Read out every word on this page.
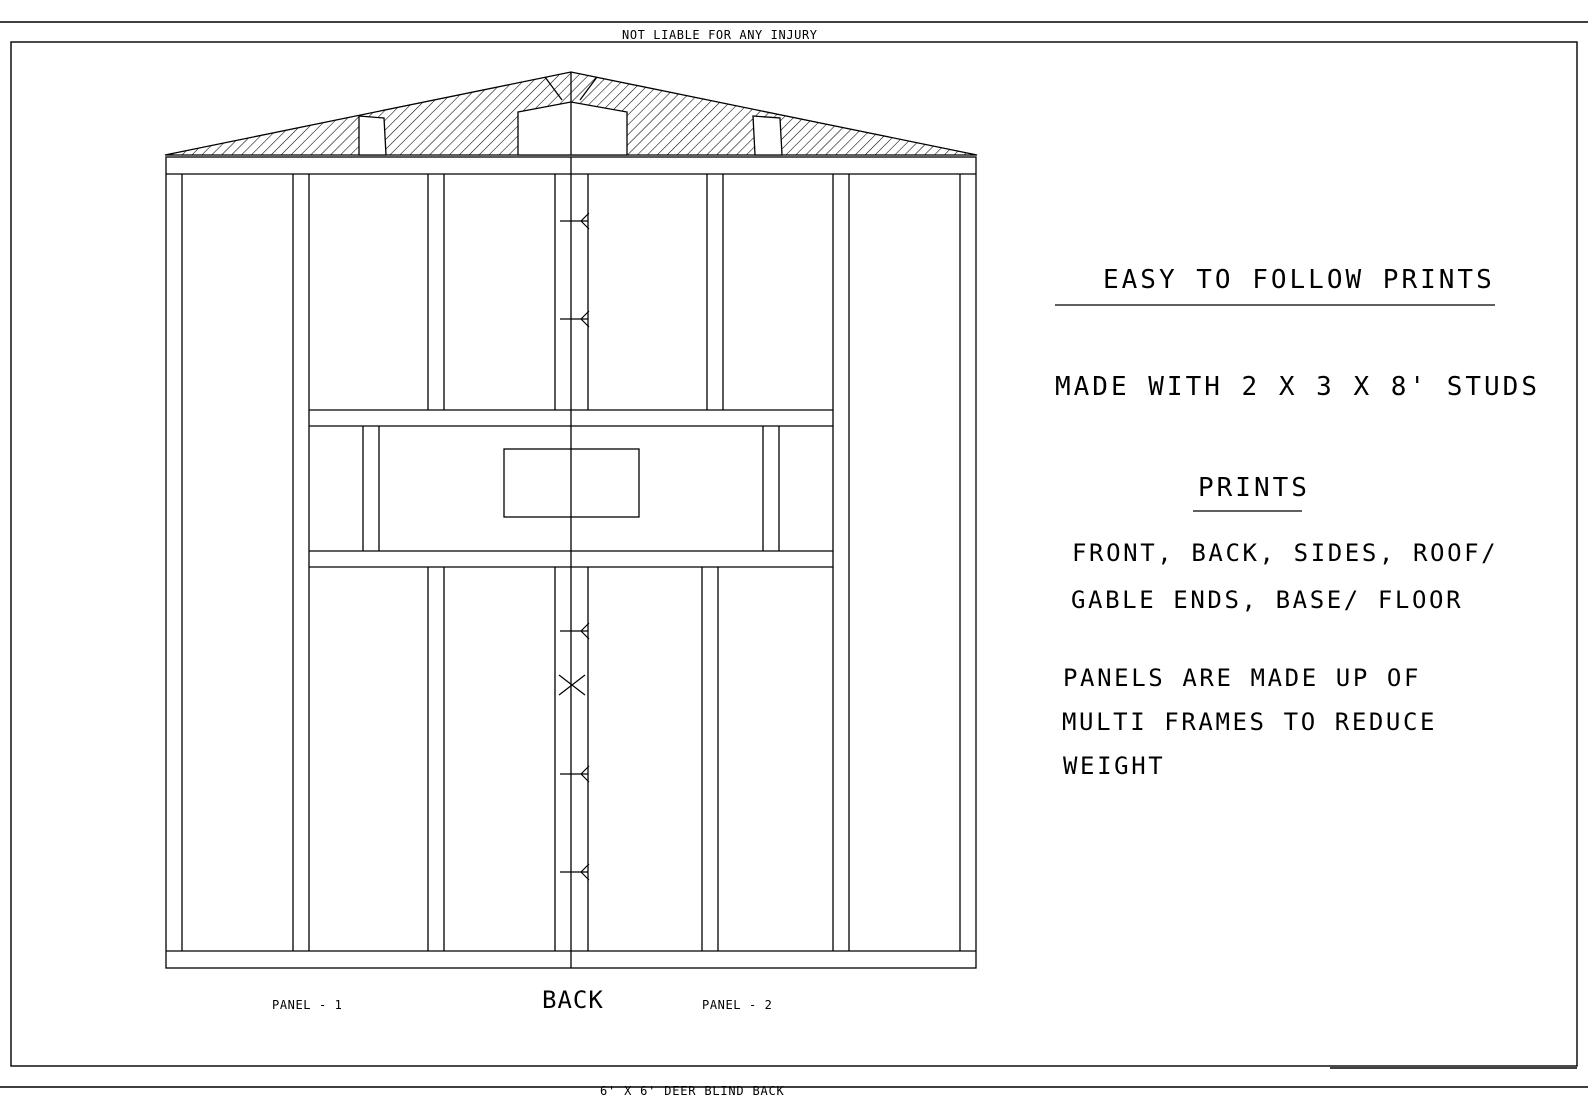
NOT LIABLE FOR ANY INJURY
6' X 6' DEER BLIND BACK
PANEL - 1	BACK	PANEL - 2
EASY TO FOLLOW PRINTS
MADE WITH 2 X 3 X 8' STUDS
PRINTS
FRONT, BACK, SIDES, ROOF/
GABLE ENDS, BASE/ FLOOR
PANELS ARE MADE UP OF
MULTI FRAMES TO REDUCE
WEIGHT
